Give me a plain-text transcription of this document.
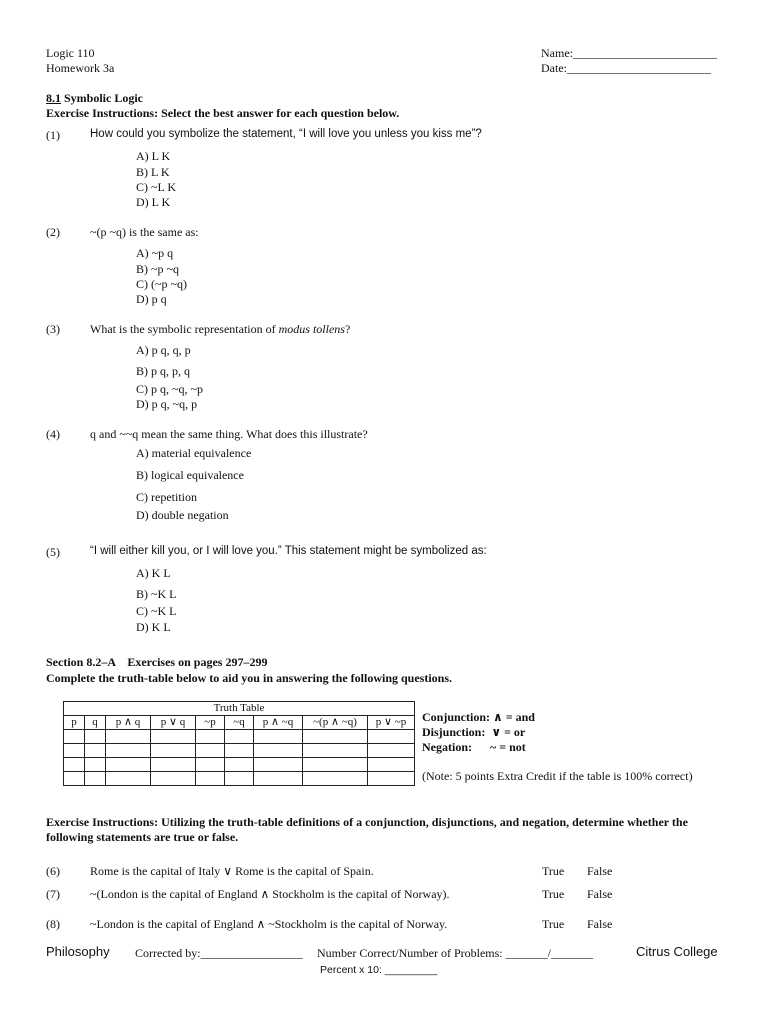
Logic 110
Homework 3a
Name:________________________
Date:________________________
8.1 Symbolic Logic
Exercise Instructions: Select the best answer for each question below.
(1)	How could you symbolize the statement, “I will love you unless you kiss me”?
A) L K
B) L K
C) ~L K
D) L K
(2)	~(p ~q) is the same as:
A) ~p q
B) ~p ~q
C) (~p ~q)
D) p q
(3)	What is the symbolic representation of modus tollens?
A) p q, q, p
B) p q, p, q
C) p q, ~q, ~p
D) p q, ~q, p
(4)	q and ~~q mean the same thing. What does this illustrate?
A) material equivalence
B) logical equivalence
C) repetition
D) double negation
(5)	“I will either kill you, or I will love you.” This statement might be symbolized as:
A) K L
B) ~K L
C) ~K L
D) K L
Section 8.2–A    Exercises on pages 297–299
Complete the truth-table below to aid you in answering the following questions.
Truth Table								
p	q	p ∧ q	p ∨ q	~p	~q	p ∧ ~q	~(p ∧ ~q)	p ∨ ~p

								Conjunction: ∧ = and
Disjunction:  ∨ = or
Negation:      ~ = not
(Note: 5 points Extra Credit if the table is 100% correct)
Exercise Instructions: Utilizing the truth-table definitions of a conjunction, disjunctions, and negation, determine whether the
following statements are true or false.
(6)	Rome is the capital of Italy ∨ Rome is the capital of Spain.	True False
(7)	~(London is the capital of England ∧ Stockholm is the capital of Norway).	True False
(8)	~London is the capital of England ∧ ~Stockholm is the capital of Norway.	True False
Philosophy Corrected by:_________________ Number Correct/Number of Problems: _______/_______	Citrus College
Percent x 10: _________
